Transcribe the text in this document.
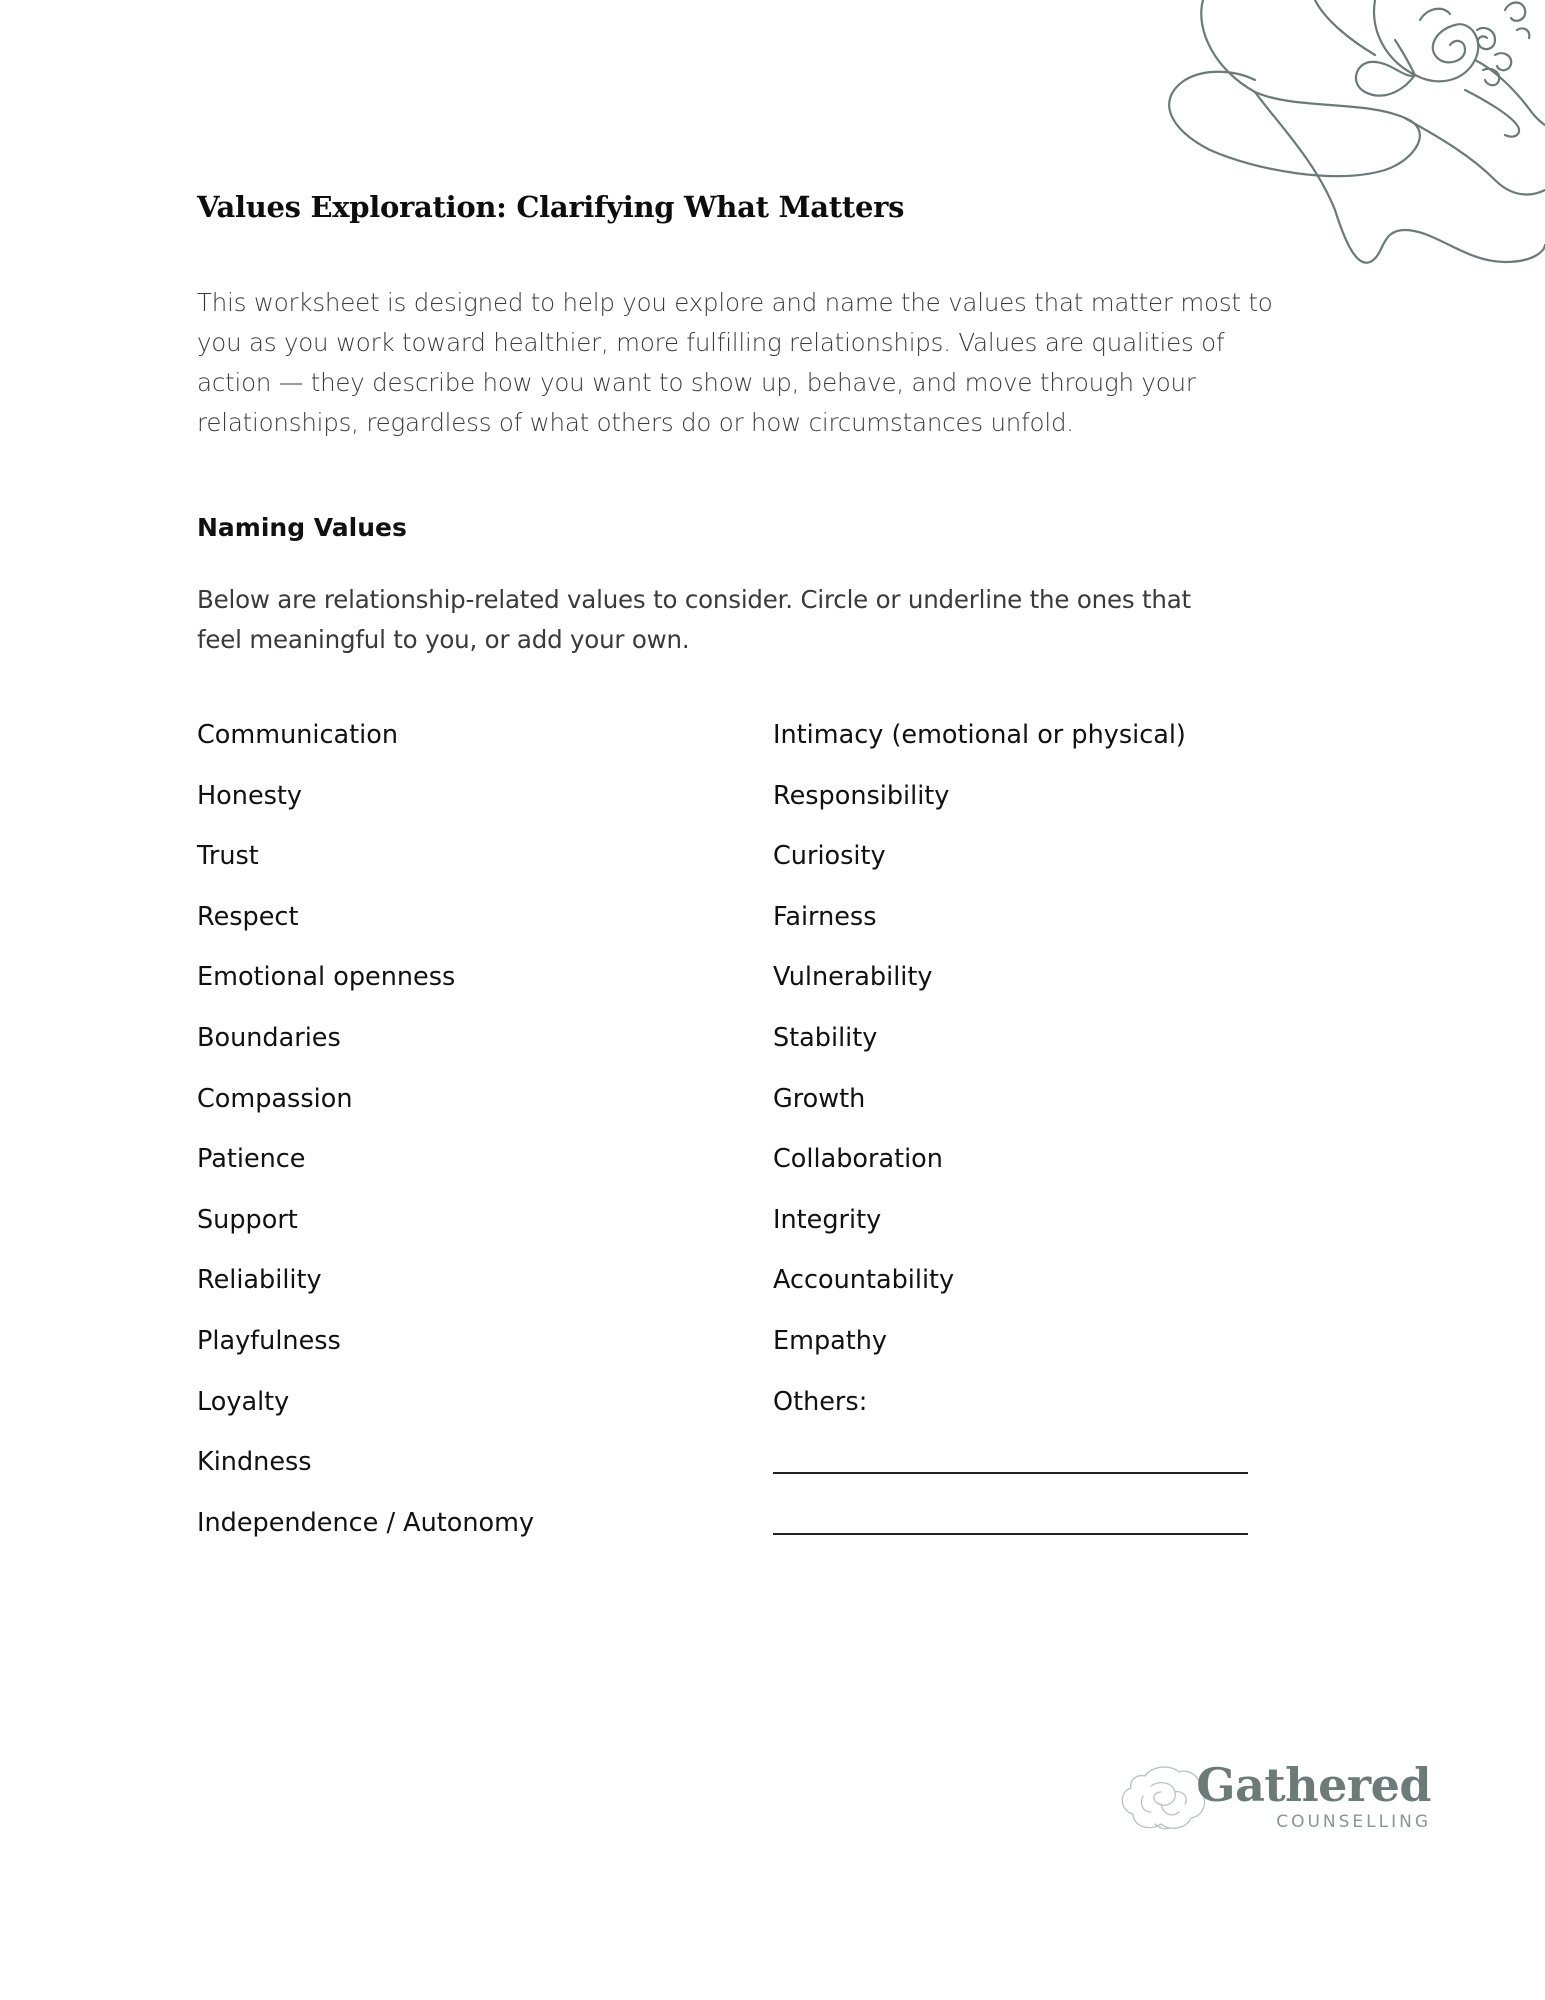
Values Exploration: Clarifying What Matters

This worksheet is designed to help you explore and name the values that matter most to you as you work toward healthier, more fulfilling relationships. Values are qualities of action — they describe how you want to show up, behave, and move through your relationships, regardless of what others do or how circumstances unfold.

Naming Values

Below are relationship-related values to consider. Circle or underline the ones that feel meaningful to you, or add your own.

Communication
Honesty
Trust
Respect
Emotional openness
Boundaries
Compassion
Patience
Support
Reliability
Playfulness
Loyalty
Kindness
Independence / Autonomy
Intimacy (emotional or physical)
Responsibility
Curiosity
Fairness
Vulnerability
Stability
Growth
Collaboration
Integrity
Accountability
Empathy
Others:
Gathered
COUNSELLING
